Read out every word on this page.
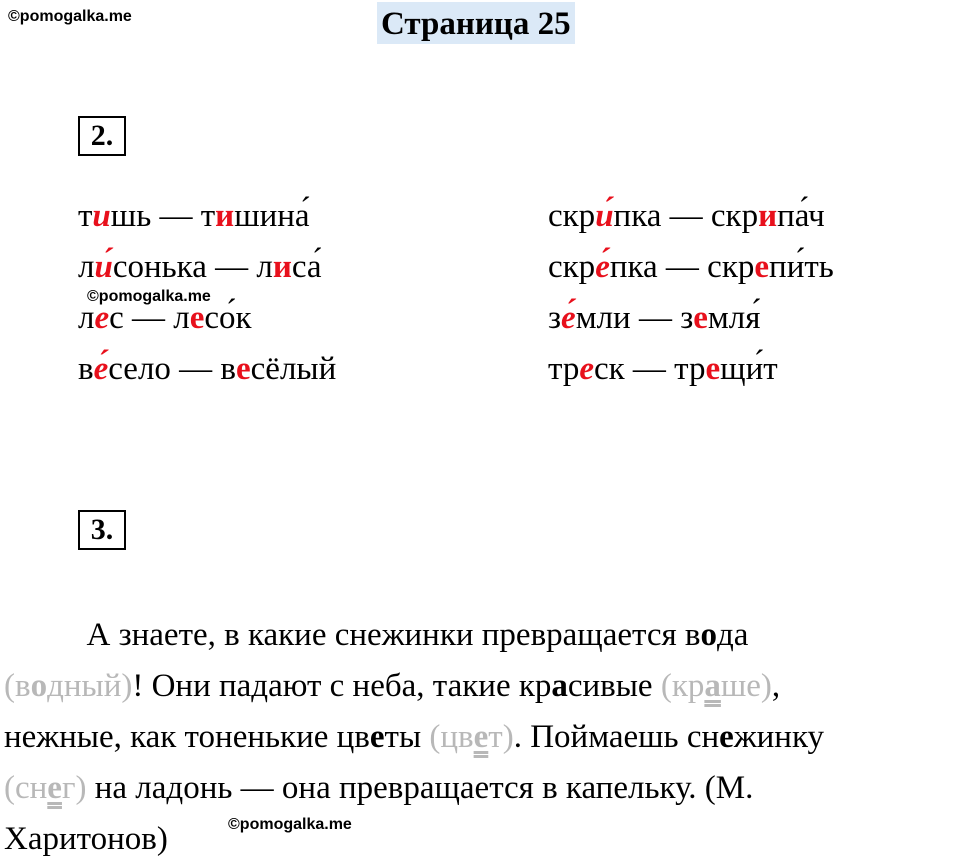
©pomogalka.me
©pomogalka.me
©pomogalka.me
Страница 25
2.
тишь — тишина́
ли́сонька — лиса́
лес — лесо́к
ве́село — весёлый
скри́пка — скрипа́ч
скре́пка — скрепи́ть
зе́мли — земля́
треск — трещи́т
3.
А знаете, в какие снежинки превращается вода
(водный)! Они падают с неба, такие красивые (краше),
нежные, как тоненькие цветы (цвет). Поймаешь снежинку
(снег) на ладонь — она превращается в капельку. (М.
Харитонов)
